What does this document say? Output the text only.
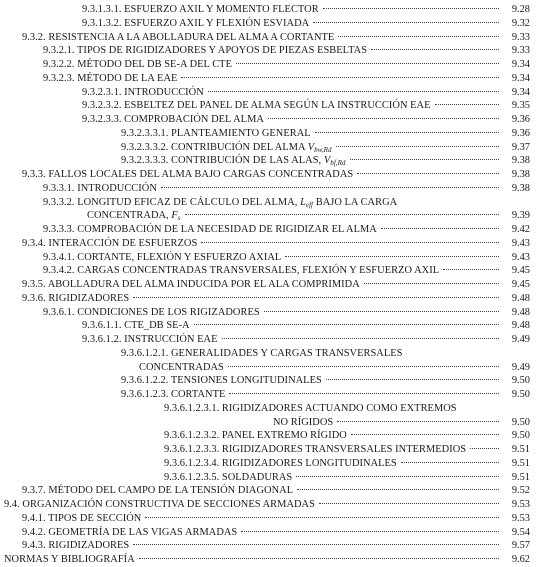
9.3.1.3.1. ESFUERZO AXIL Y MOMENTO FLECTOR	9.28
9.3.1.3.2. ESFUERZO AXIL Y FLEXIÓN ESVIADA	9.32
9.3.2. RESISTENCIA A LA ABOLLADURA DEL ALMA A CORTANTE	9.33
9.3.2.1. TIPOS DE RIGIDIZADORES Y APOYOS DE PIEZAS ESBELTAS	9.33
9.3.2.2. MÉTODO DEL DB SE-A DEL CTE	9.34
9.3.2.3. MÉTODO DE LA EAE	9.34
9.3.2.3.1. INTRODUCCIÓN	9.34
9.3.2.3.2. ESBELTEZ DEL PANEL DE ALMA SEGÚN LA INSTRUCCIÓN EAE	9.35
9.3.2.3.3. COMPROBACIÓN DEL ALMA	9.36
9.3.2.3.3.1. PLANTEAMIENTO GENERAL	9.36
9.3.2.3.3.2. CONTRIBUCIÓN DEL ALMA $V_{bw,Rd}$	9.37
9.3.2.3.3.3. CONTRIBUCIÓN DE LAS ALAS, $V_{bf,Rd}$	9.38
9.3.3. FALLOS LOCALES DEL ALMA BAJO CARGAS CONCENTRADAS	9.38
9.3.3.1. INTRODUCCIÓN	9.38
9.3.3.2. LONGITUD EFICAZ DE CÁLCULO DEL ALMA, $L_{eff}$ BAJO LA CARGA
CONCENTRADA, $F_s$	9.39
9.3.3.3. COMPROBACIÓN DE LA NECESIDAD DE RIGIDIZAR EL ALMA	9.42
9.3.4. INTERACCIÓN DE ESFUERZOS	9.43
9.3.4.1. CORTANTE, FLEXIÓN Y ESFUERZO AXIAL	9.43
9.3.4.2. CARGAS CONCENTRADAS TRANSVERSALES, FLEXIÓN Y ESFUERZO AXIL	9.45
9.3.5. ABOLLADURA DEL ALMA INDUCIDA POR EL ALA COMPRIMIDA	9.45
9.3.6. RIGIDIZADORES	9.48
9.3.6.1. CONDICIONES DE LOS RIGIZADORES	9.48
9.3.6.1.1. CTE_DB SE-A	9.48
9.3.6.1.2. INSTRUCCIÓN EAE	9.49
9.3.6.1.2.1. GENERALIDADES Y CARGAS TRANSVERSALES
CONCENTRADAS	9.49
9.3.6.1.2.2. TENSIONES LONGITUDINALES	9.50
9.3.6.1.2.3. CORTANTE	9.50
9.3.6.1.2.3.1. RIGIDIZADORES ACTUANDO COMO EXTREMOS
NO RÍGIDOS	9.50
9.3.6.1.2.3.2. PANEL EXTREMO RÍGIDO	9.50
9.3.6.1.2.3.3. RIGIDIZADORES TRANSVERSALES INTERMEDIOS	9.51
9.3.6.1.2.3.4. RIGIDIZADORES LONGITUDINALES	9.51
9.3.6.1.2.3.5. SOLDADURAS	9.51
9.3.7. MÉTODO DEL CAMPO DE LA TENSIÓN DIAGONAL	9.52
9.4. ORGANIZACIÓN CONSTRUCTIVA DE SECCIONES ARMADAS	9.53
9.4.1. TIPOS DE SECCIÓN	9.53
9.4.2. GEOMETRÍA DE LAS VIGAS ARMADAS	9.54
9.4.3. RIGIDIZADORES	9.57
NORMAS Y BIBLIOGRAFÍA	9.62
